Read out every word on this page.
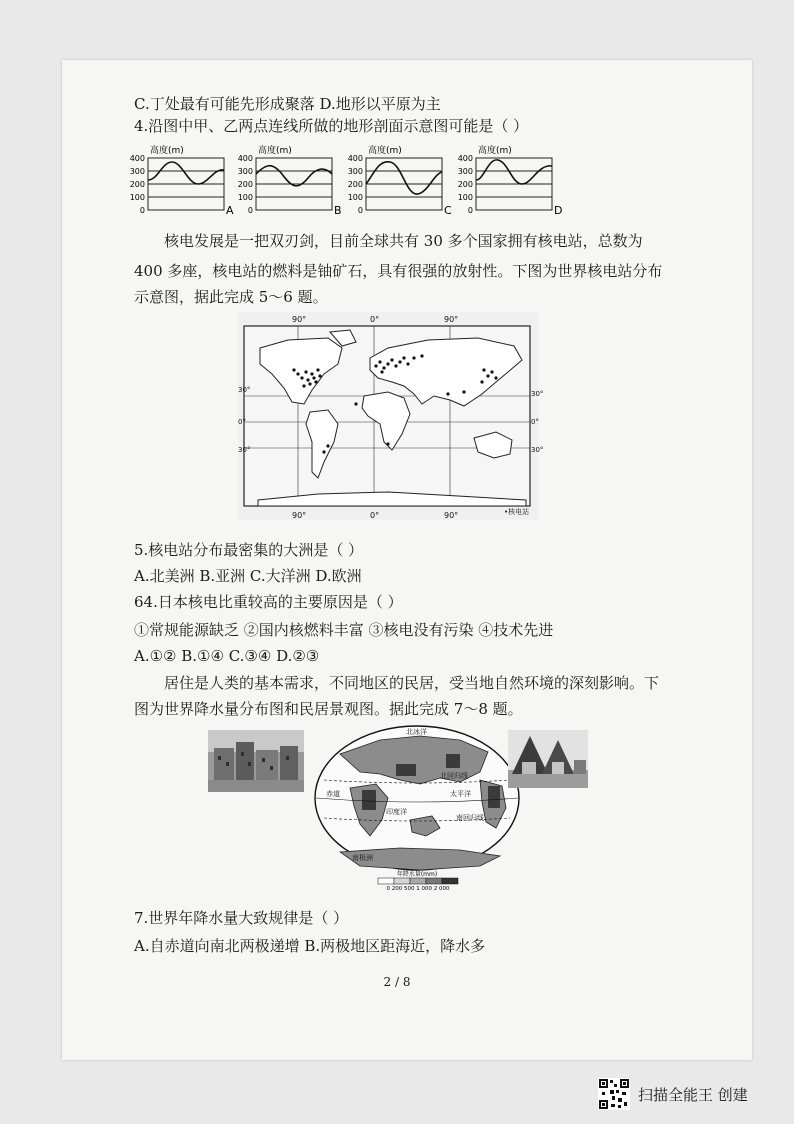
C.丁处最有可能先形成聚落 D.地形以平原为主
4.沿图中甲、乙两点连线所做的地形剖面示意图可能是（ ）
高度(m)
400
300
200
100
0	A
高度(m)
400
300
200
100
0	B
高度(m)
400
300
200
100
0	C
高度(m)
400
300
200
100
0	D
核电发展是一把双刃剑，目前全球共有 30 多个国家拥有核电站，总数为
400 多座，核电站的燃料是铀矿石，具有很强的放射性。下图为世界核电站分布
示意图，据此完成 5～6 题。
90°	0°	90°
90°	0°	90°
30°
0°
30°
30°
0°
30°
•核电站
5.核电站分布最密集的大洲是（ ）
A.北美洲 B.亚洲 C.大洋洲 D.欧洲
64.日本核电比重较高的主要原因是（ ）
①常规能源缺乏 ②国内核燃料丰富 ③核电没有污染 ④技术先进
A.①② B.①④ C.③④ D.②③
居住是人类的基本需求，不同地区的民居，受当地自然环境的深刻影响。下
图为世界降水量分布图和民居景观图。据此完成 7～8 题。
赤道
北回归线
南回归线
太平洋
印度洋
南极洲
北冰洋
年降水量(mm)
0 200 500 1 000 2 000
7.世界年降水量大致规律是（ ）
A.自赤道向南北两极递增 B.两极地区距海近，降水多
2 / 8
扫描全能王 创建
